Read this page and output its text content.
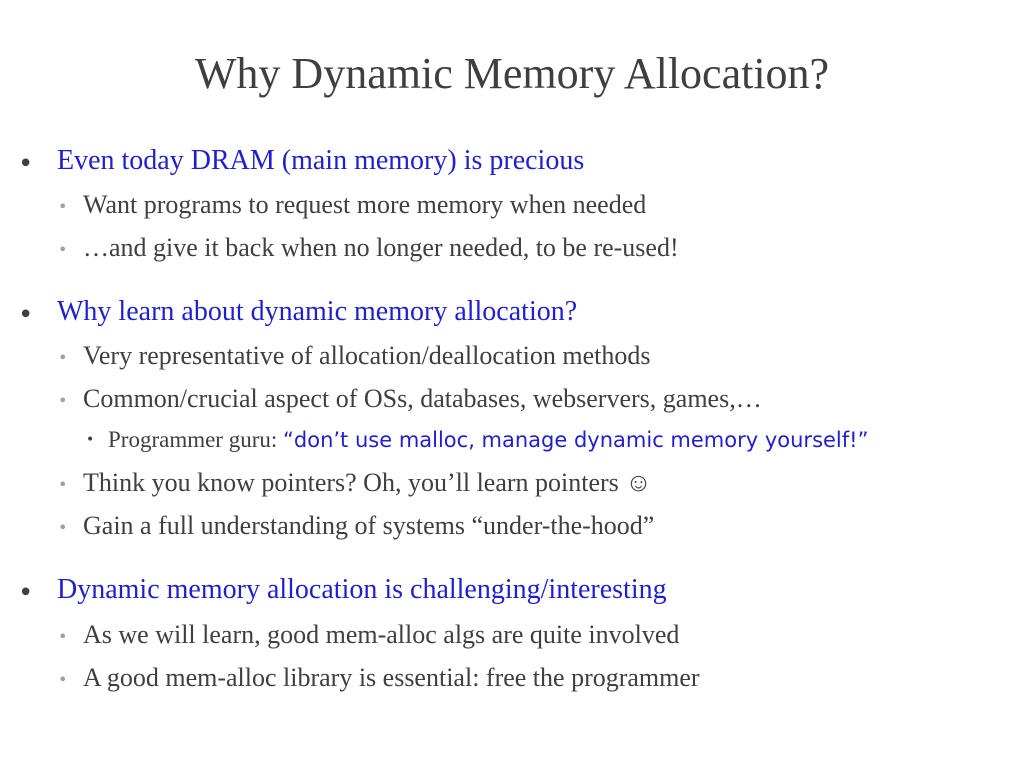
Why Dynamic Memory Allocation?
• Even today DRAM (main memory) is precious
• Want programs to request more memory when needed
• …and give it back when no longer needed, to be re-used!
• Why learn about dynamic memory allocation?
• Very representative of allocation/deallocation methods
• Common/crucial aspect of OSs, databases, webservers, games,…
• Programmer guru: “don’t use malloc, manage dynamic memory yourself!”
• Think you know pointers? Oh, you’ll learn pointers ☺
• Gain a full understanding of systems “under-the-hood”
• Dynamic memory allocation is challenging/interesting
• As we will learn, good mem-alloc algs are quite involved
• A good mem-alloc library is essential: free the programmer
